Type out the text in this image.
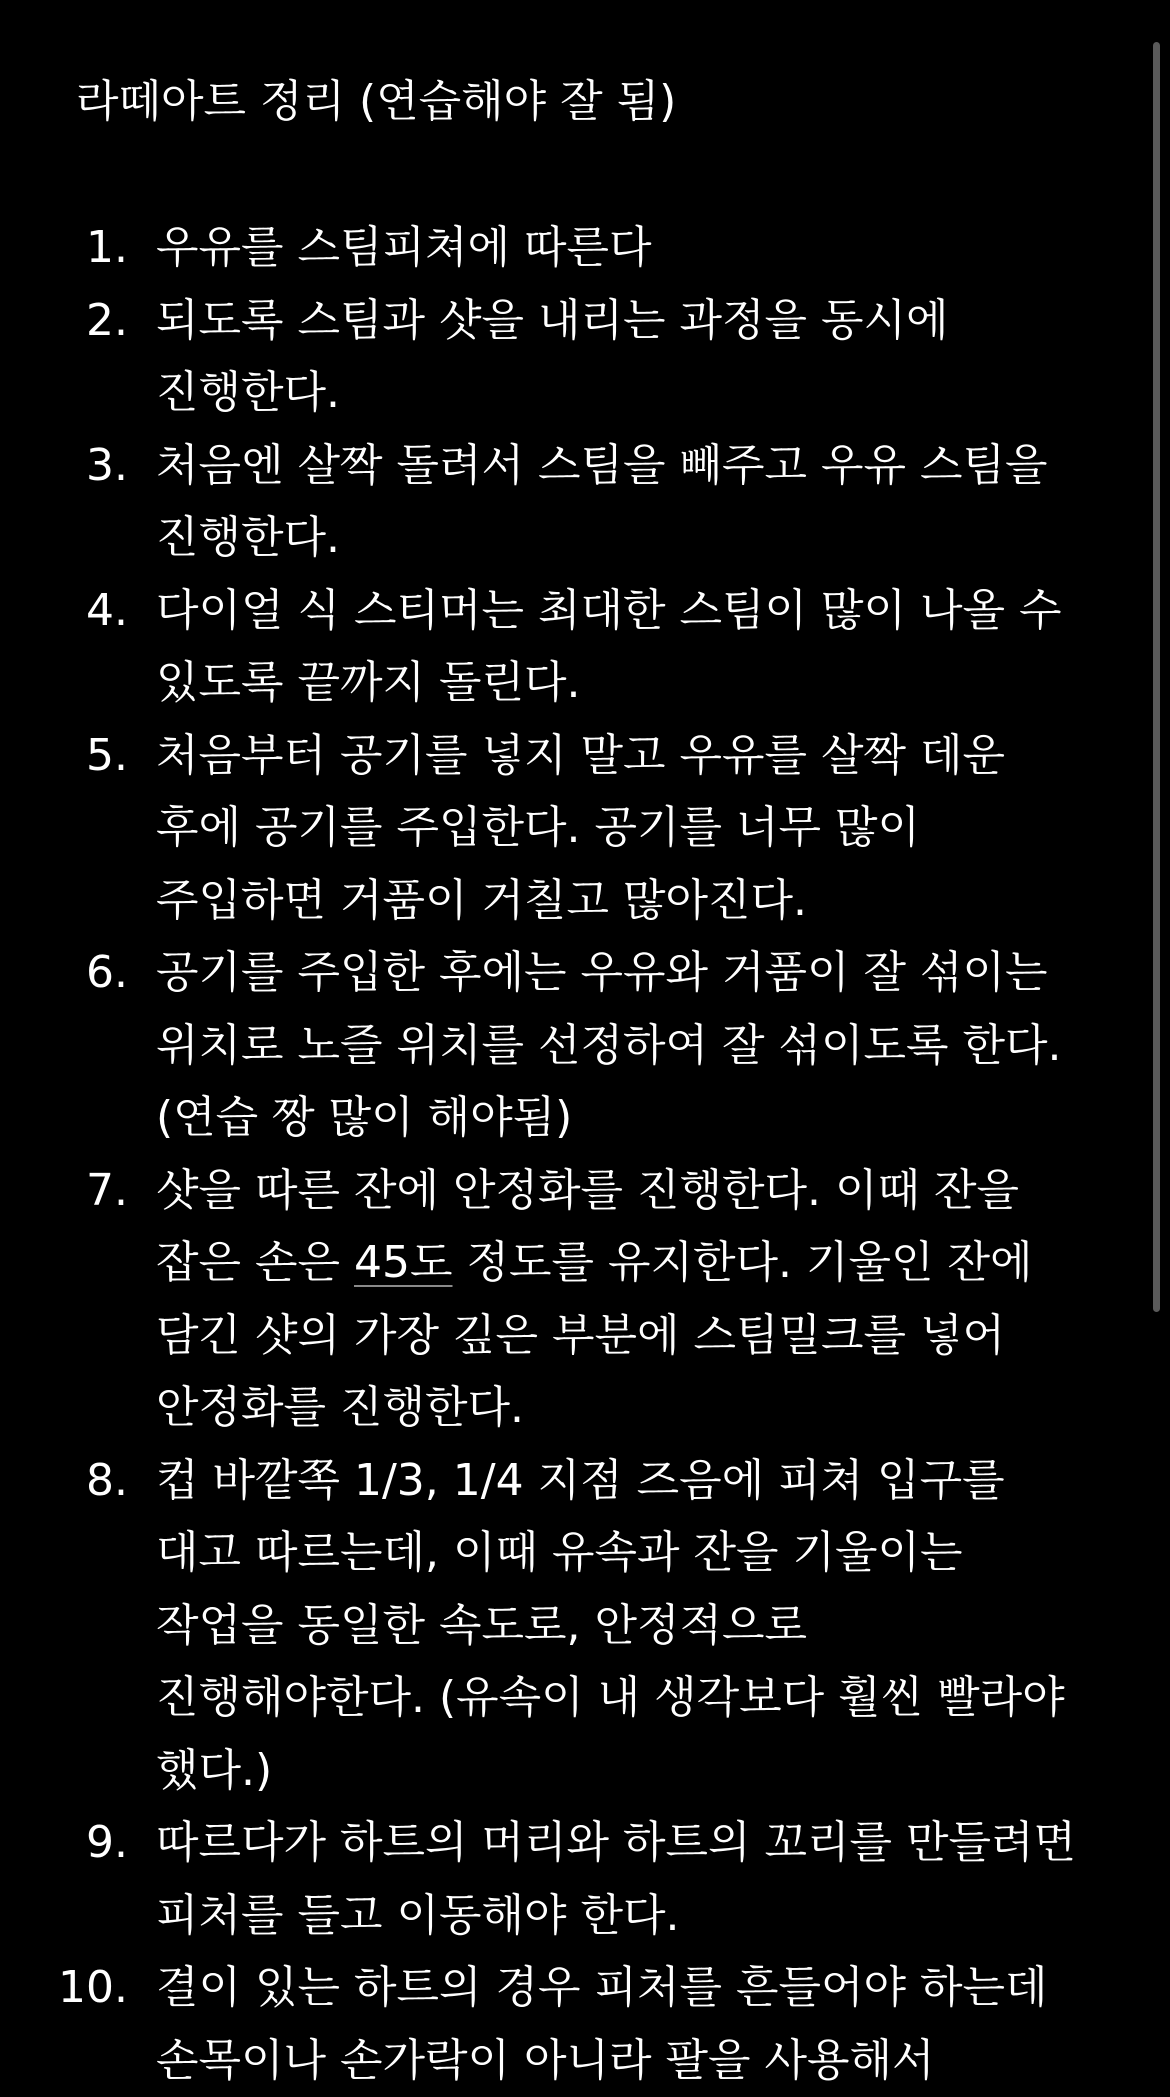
라떼아트 정리 (연습해야 잘 됨)
1. 우유를 스팀피쳐에 따른다
2. 되도록 스팀과 샷을 내리는 과정을 동시에 진행한다.
3. 처음엔 살짝 돌려서 스팀을 빼주고 우유 스팀을 진행한다.
4. 다이얼 식 스티머는 최대한 스팀이 많이 나올 수 있도록 끝까지 돌린다.
5. 처음부터 공기를 넣지 말고 우유를 살짝 데운 후에 공기를 주입한다. 공기를 너무 많이 주입하면 거품이 거칠고 많아진다.
6. 공기를 주입한 후에는 우유와 거품이 잘 섞이는 위치로 노즐 위치를 선정하여 잘 섞이도록 한다. (연습 짱 많이 해야됨)
7. 샷을 따른 잔에 안정화를 진행한다. 이때 잔을 잡은 손은 45도 정도를 유지한다. 기울인 잔에 담긴 샷의 가장 깊은 부분에 스팀밀크를 넣어 안정화를 진행한다.
8. 컵 바깥쪽 1/3, 1/4 지점 즈음에 피쳐 입구를 대고 따르는데, 이때 유속과 잔을 기울이는 작업을 동일한 속도로, 안정적으로 진행해야한다. (유속이 내 생각보다 훨씬 빨라야 했다.)
9. 따르다가 하트의 머리와 하트의 꼬리를 만들려면 피처를 들고 이동해야 한다.
10. 결이 있는 하트의 경우 피처를 흔들어야 하는데 손목이나 손가락이 아니라 팔을 사용해서
